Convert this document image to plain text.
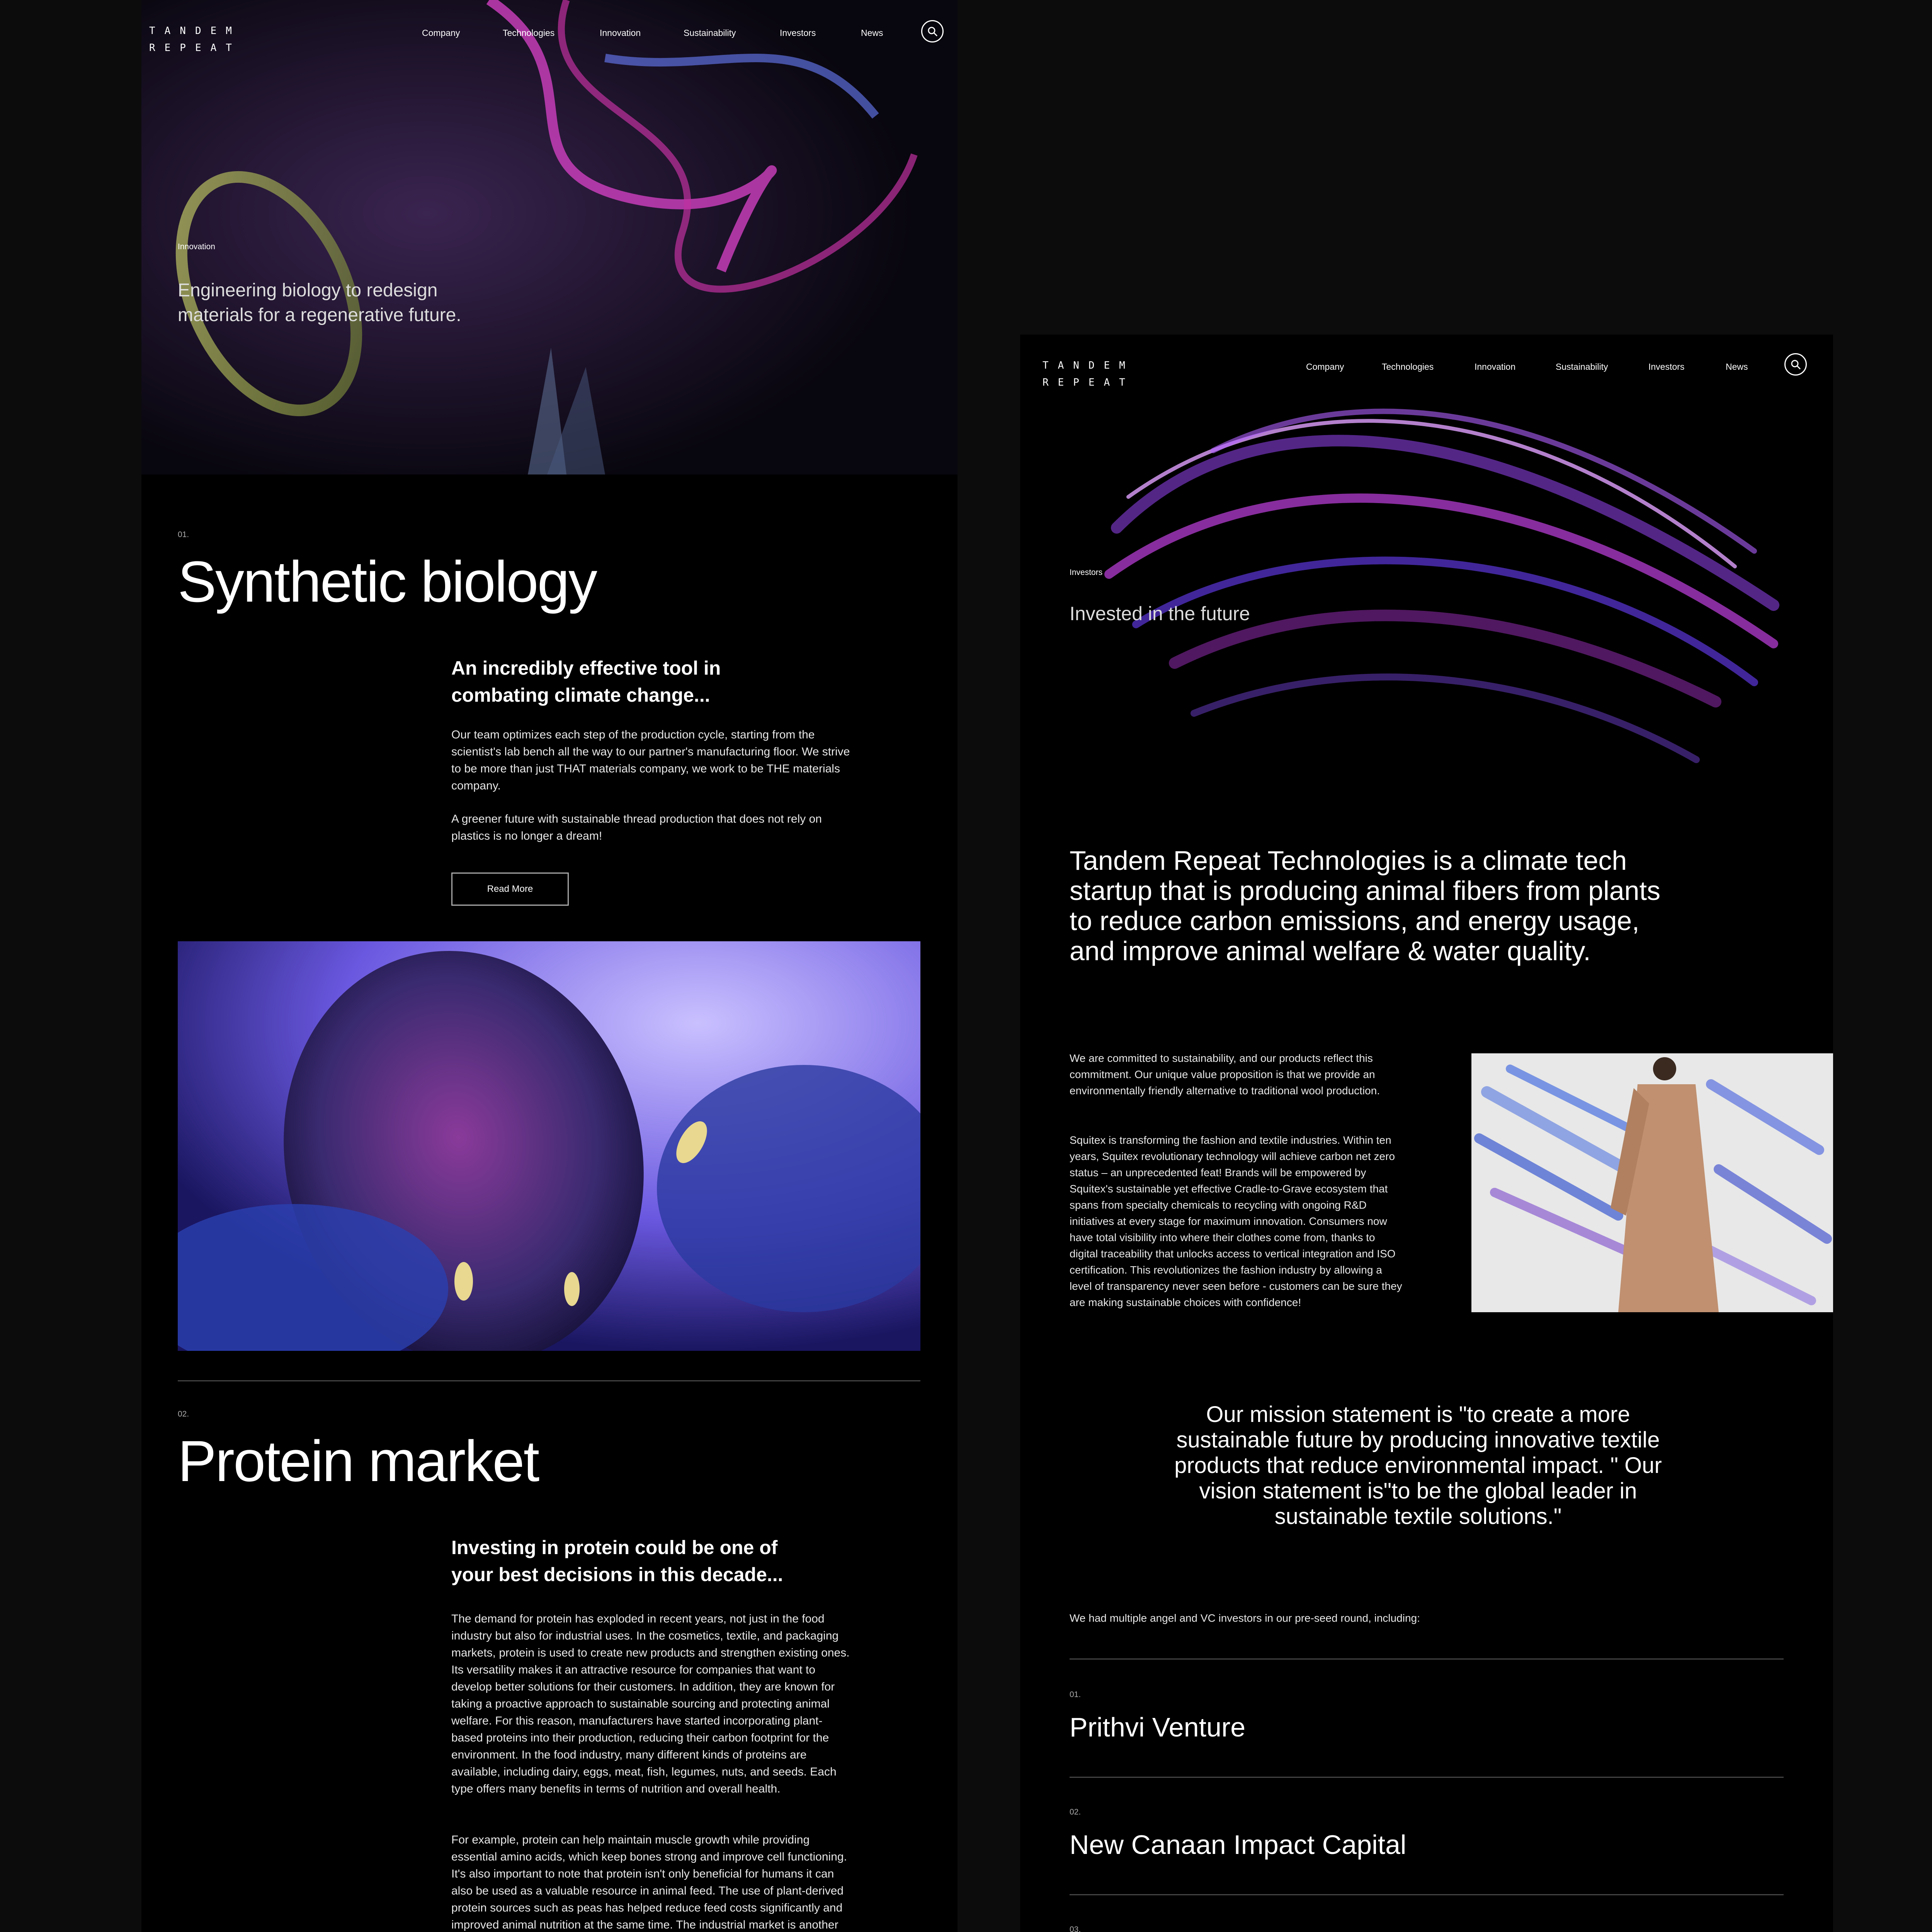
TANDEM
REPEAT
Company	Technologies	Innovation	Sustainability	Investors	News
Innovation
Engineering biology to redesign materials for a regenerative future.
01.
Synthetic biology
An incredibly effective tool in combating climate change...

Our team optimizes each step of the production cycle, starting from the scientist's lab bench all the way to our partner's manufacturing floor. We strive to be more than just THAT materials company, we work to be THE materials company.

A greener future with sustainable thread production that does not rely on plastics is no longer a dream!

Read More
02.
Protein market
Investing in protein could be one of your best decisions in this decade...

The demand for protein has exploded in recent years, not just in the food industry but also for industrial uses. In the cosmetics, textile, and packaging markets, protein is used to create new products and strengthen existing ones. Its versatility makes it an attractive resource for companies that want to develop better solutions for their customers. In addition, they are known for taking a proactive approach to sustainable sourcing and protecting animal welfare. For this reason, manufacturers have started incorporating plant-based proteins into their production, reducing their carbon footprint for the environment. In the food industry, many different kinds of proteins are available, including dairy, eggs, meat, fish, legumes, nuts, and seeds. Each type offers many benefits in terms of nutrition and overall health.

For example, protein can help maintain muscle growth while providing essential amino acids, which keep bones strong and improve cell functioning. It's also important to note that protein isn't only beneficial for humans it can also be used as a valuable resource in animal feed. The use of plant-derived protein sources such as peas has helped reduce feed costs significantly and improved animal nutrition at the same time. The industrial market is another

TANDEM
REPEAT
Company	Technologies	Innovation	Sustainability	Investors	News
Investors
Invested in the future
Tandem Repeat Technologies is a climate tech startup that is producing animal fibers from plants to reduce carbon emissions, and energy usage, and improve animal welfare & water quality.

We are committed to sustainability, and our products reflect this commitment. Our unique value proposition is that we provide an environmentally friendly alternative to traditional wool production.

Squitex is transforming the fashion and textile industries. Within ten years, Squitex revolutionary technology will achieve carbon net zero status – an unprecedented feat! Brands will be empowered by Squitex's sustainable yet effective Cradle-to-Grave ecosystem that spans from specialty chemicals to recycling with ongoing R&D initiatives at every stage for maximum innovation. Consumers now have total visibility into where their clothes come from, thanks to digital traceability that unlocks access to vertical integration and ISO certification. This revolutionizes the fashion industry by allowing a level of transparency never seen before - customers can be sure they are making sustainable choices with confidence!

Our mission statement is "to create a more sustainable future by producing innovative textile products that reduce environmental impact. " Our vision statement is"to be the global leader in sustainable textile solutions."

We had multiple angel and VC investors in our pre-seed round, including:

01.
Prithvi Venture
02.
New Canaan Impact Capital
03.
